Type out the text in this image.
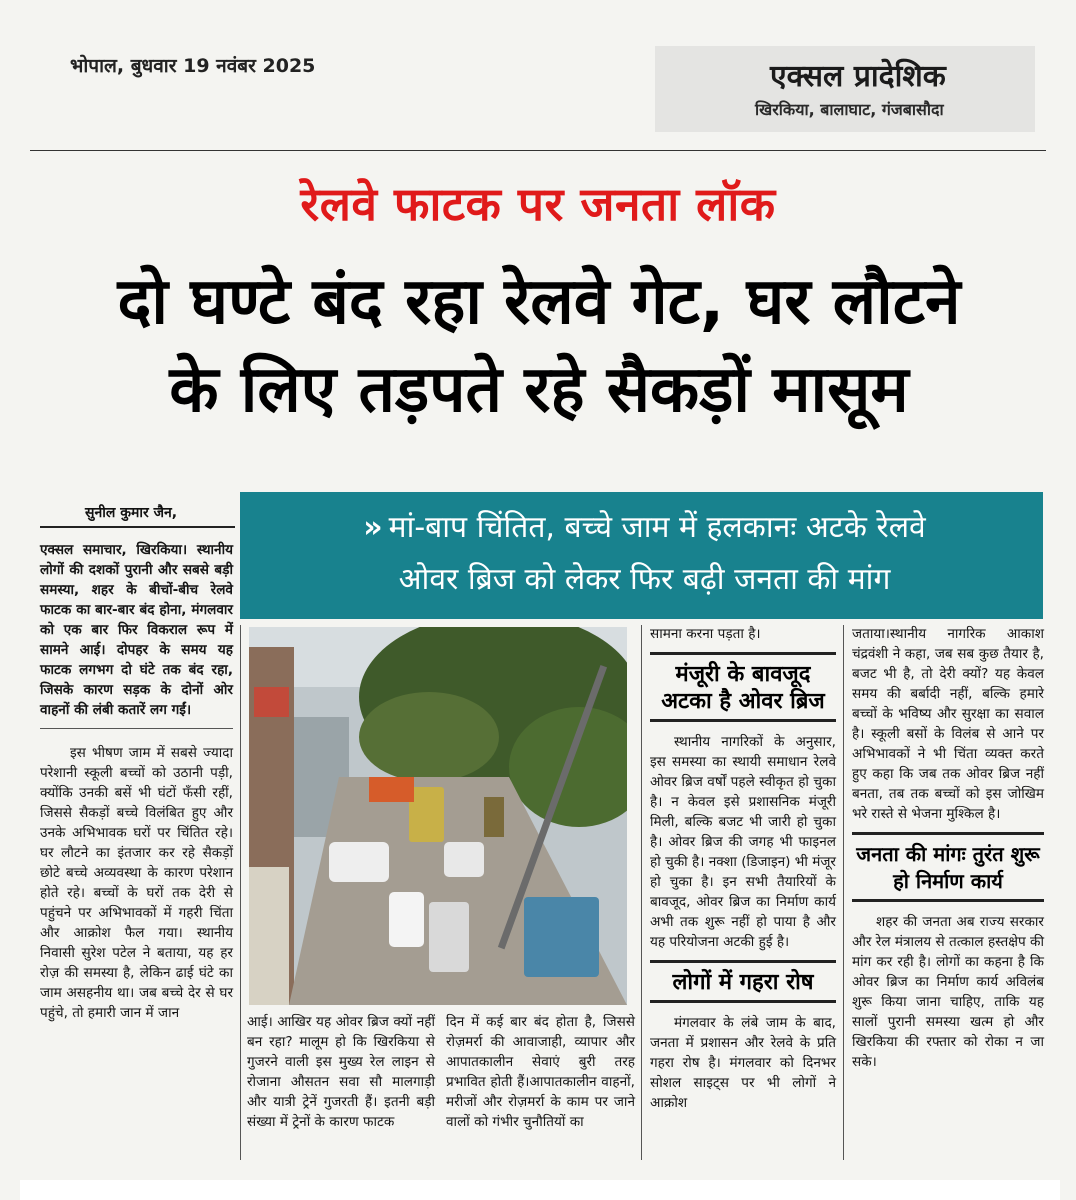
भोपाल, बुधवार 19 नवंबर 2025	एक्सल प्रादेशिक
खिरकिया, बालाघाट, गंजबासौदा
रेलवे फाटक पर जनता लॉक
दो घण्टे बंद रहा रेलवे गेट, घर लौटने
के लिए तड़पते रहे सैकड़ों मासूम
सुनील कुमार जैन,	» मां-बाप चिंतित, बच्चे जाम में हलकानः अटके रेलवे
ओवर ब्रिज को लेकर फिर बढ़ी जनता की मांग

एक्सल समाचार, खिरकिया। स्थानीय लोगों की दशकों पुरानी और सबसे बड़ी समस्या, शहर के बीचों-बीच रेलवे फाटक का बार-बार बंद होना, मंगलवार को एक बार फिर विकराल रूप में सामने आई। दोपहर के समय यह फाटक लगभग दो घंटे तक बंद रहा, जिसके कारण सड़क के दोनों ओर वाहनों की लंबी कतारें लग गईं।

इस भीषण जाम में सबसे ज्यादा परेशानी स्कूली बच्चों को उठानी पड़ी, क्योंकि उनकी बसें भी घंटों फँसी रहीं, जिससे सैकड़ों बच्चे विलंबित हुए और उनके अभिभावक घरों पर चिंतित रहे। घर लौटने का इंतजार कर रहे सैकड़ों छोटे बच्चे अव्यवस्था के कारण परेशान होते रहे। बच्चों के घरों तक देरी से पहुंचने पर अभिभावकों में गहरी चिंता और आक्रोश फैल गया। स्थानीय निवासी सुरेश पटेल ने बताया, यह हर रोज़ की समस्या है, लेकिन ढाई घंटे का जाम असहनीय था। जब बच्चे देर से घर पहुंचे, तो हमारी जान में जान

आई। आखिर यह ओवर ब्रिज क्यों नहीं बन रहा? मालूम हो कि खिरकिया से गुजरने वाली इस मुख्य रेल लाइन से रोजाना औसतन सवा सौ मालगाड़ी और यात्री ट्रेनें गुजरती हैं। इतनी बड़ी संख्या में ट्रेनों के कारण फाटक

दिन में कई बार बंद होता है, जिससे रोज़मर्रा की आवाजाही, व्यापार और आपातकालीन सेवाएं बुरी तरह प्रभावित होती हैं।आपातकालीन वाहनों, मरीजों और रोज़मर्रा के काम पर जाने वालों को गंभीर चुनौतियों का

सामना करना पड़ता है।

मंजूरी के बावजूद अटका है ओवर ब्रिज

स्थानीय नागरिकों के अनुसार, इस समस्या का स्थायी समाधान रेलवे ओवर ब्रिज वर्षों पहले स्वीकृत हो चुका है। न केवल इसे प्रशासनिक मंजूरी मिली, बल्कि बजट भी जारी हो चुका है। ओवर ब्रिज की जगह भी फाइनल हो चुकी है। नक्शा (डिजाइन) भी मंजूर हो चुका है। इन सभी तैयारियों के बावजूद, ओवर ब्रिज का निर्माण कार्य अभी तक शुरू नहीं हो पाया है और यह परियोजना अटकी हुई है।

लोगों में गहरा रोष

मंगलवार के लंबे जाम के बाद, जनता में प्रशासन और रेलवे के प्रति गहरा रोष है। मंगलवार को दिनभर सोशल साइट्स पर भी लोगों ने आक्रोश

जताया।स्थानीय नागरिक आकाश चंद्रवंशी ने कहा, जब सब कुछ तैयार है, बजट भी है, तो देरी क्यों? यह केवल समय की बर्बादी नहीं, बल्कि हमारे बच्चों के भविष्य और सुरक्षा का सवाल है। स्कूली बसों के विलंब से आने पर अभिभावकों ने भी चिंता व्यक्त करते हुए कहा कि जब तक ओवर ब्रिज नहीं बनता, तब तक बच्चों को इस जोखिम भरे रास्ते से भेजना मुश्किल है।

जनता की मांगः तुरंत शुरू हो निर्माण कार्य

शहर की जनता अब राज्य सरकार और रेल मंत्रालय से तत्काल हस्तक्षेप की मांग कर रही है। लोगों का कहना है कि ओवर ब्रिज का निर्माण कार्य अविलंब शुरू किया जाना चाहिए, ताकि यह सालों पुरानी समस्या खत्म हो और खिरकिया की रफ्तार को रोका न जा सके।
